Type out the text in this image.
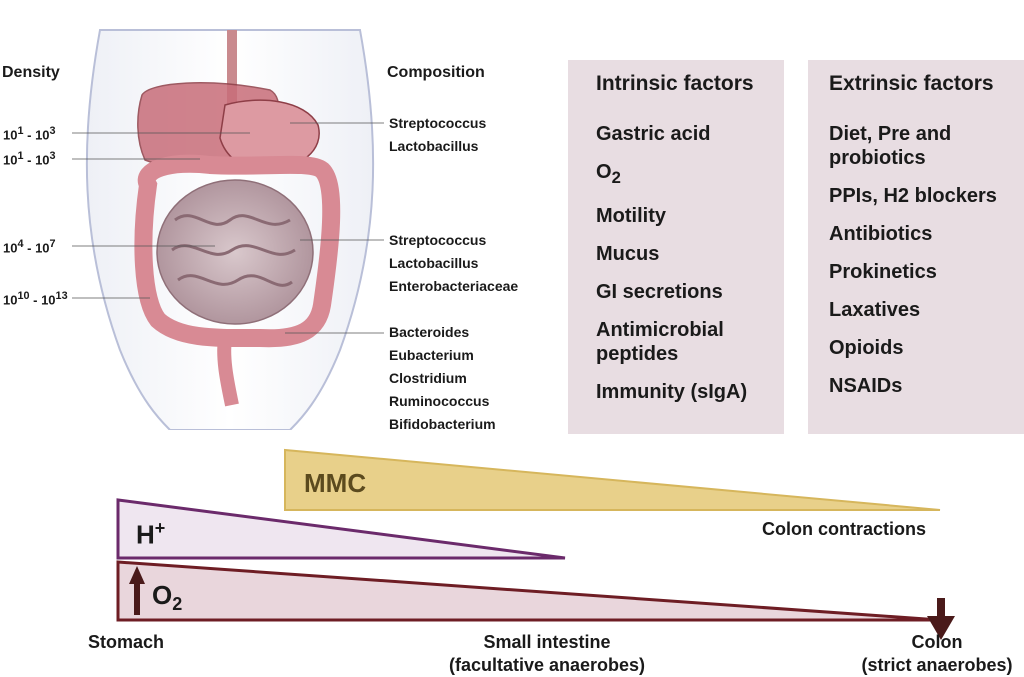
Density
$10^1 - 10^3$
$10^1 - 10^3$
$10^4 - 10^7$
$10^{10} - 10^{13}$
Composition
Streptococcus
Lactobacillus
Streptococcus
Lactobacillus
Enterobacteriaceae
Bacteroides
Eubacterium
Clostridium
Ruminococcus
Bifidobacterium
Intrinsic factors
Gastric acid
$O_2$
Motility
Mucus
GI secretions
Antimicrobial peptides
Immunity (sIgA)
Extrinsic factors
Diet, Pre and probiotics
PPIs, H2 blockers
Antibiotics
Prokinetics
Laxatives
Opioids
NSAIDs
MMC
H+
$O_2$
Colon contractions
Stomach	Small intestine
(facultative anaerobes)
Colon
(strict anaerobes)
